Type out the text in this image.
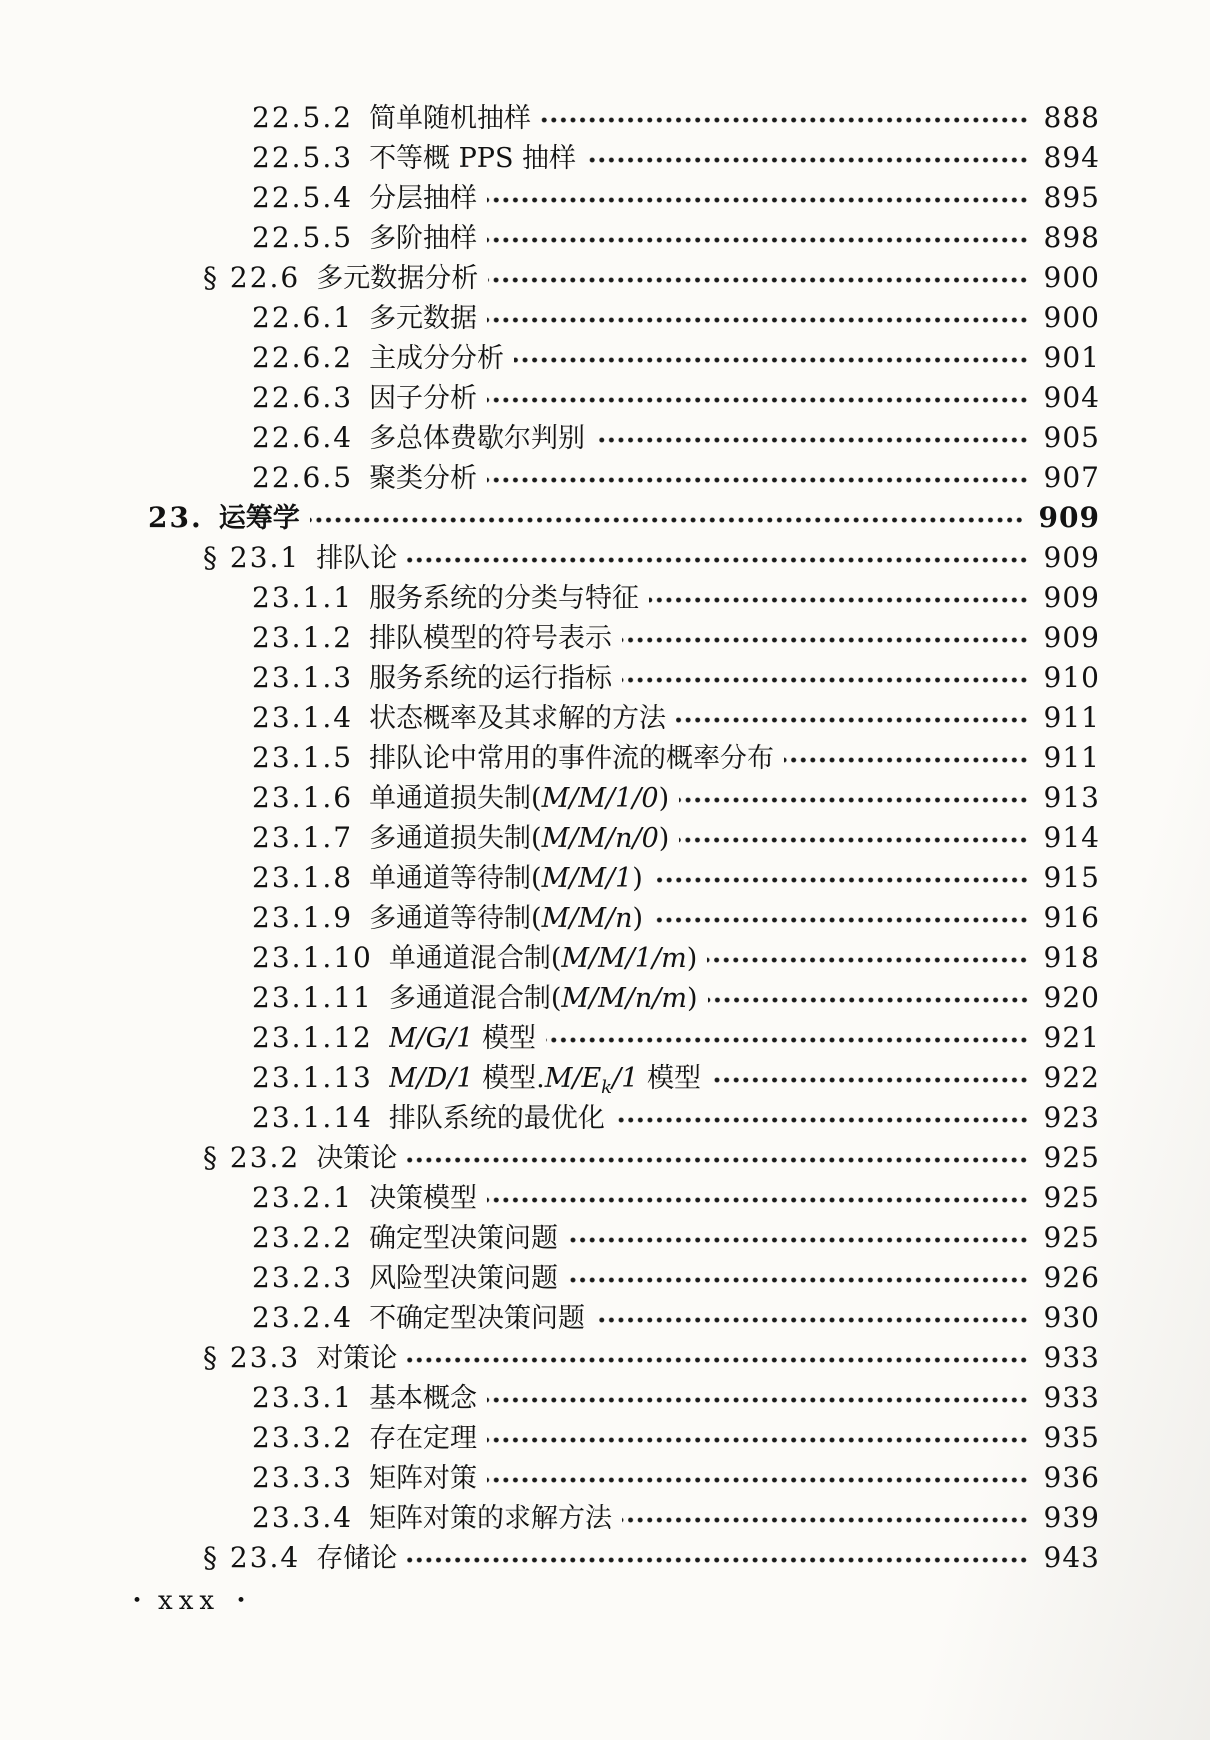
22.5.2 简单随机抽样	888
22.5.3 不等概 PPS 抽样	894
22.5.4 分层抽样	895
22.5.5 多阶抽样	898
§ 22.6 多元数据分析	900
22.6.1 多元数据	900
22.6.2 主成分分析	901
22.6.3 因子分析	904
22.6.4 多总体费歇尔判别	905
22.6.5 聚类分析	907
23. 运筹学	909
§ 23.1 排队论	909
23.1.1 服务系统的分类与特征	909
23.1.2 排队模型的符号表示	909
23.1.3 服务系统的运行指标	910
23.1.4 状态概率及其求解的方法	911
23.1.5 排队论中常用的事件流的概率分布	911
23.1.6 单通道损失制(M/M/1/0)	913
23.1.7 多通道损失制(M/M/n/0)	914
23.1.8 单通道等待制(M/M/1)	915
23.1.9 多通道等待制(M/M/n)	916
23.1.10 单通道混合制(M/M/1/m)	918
23.1.11 多通道混合制(M/M/n/m)	920
23.1.12 M/G/1 模型	921
23.1.13 M/D/1 模型$.M/E_k/1$ 模型	922
23.1.14 排队系统的最优化	923
§ 23.2 决策论	925
23.2.1 决策模型	925
23.2.2 确定型决策问题	925
23.2.3 风险型决策问题	926
23.2.4 不确定型决策问题	930
§ 23.3 对策论	933
23.3.1 基本概念	933
23.3.2 存在定理	935
23.3.3 矩阵对策	936
23.3.4 矩阵对策的求解方法	939
§ 23.4 存储论	943
• xxx •
